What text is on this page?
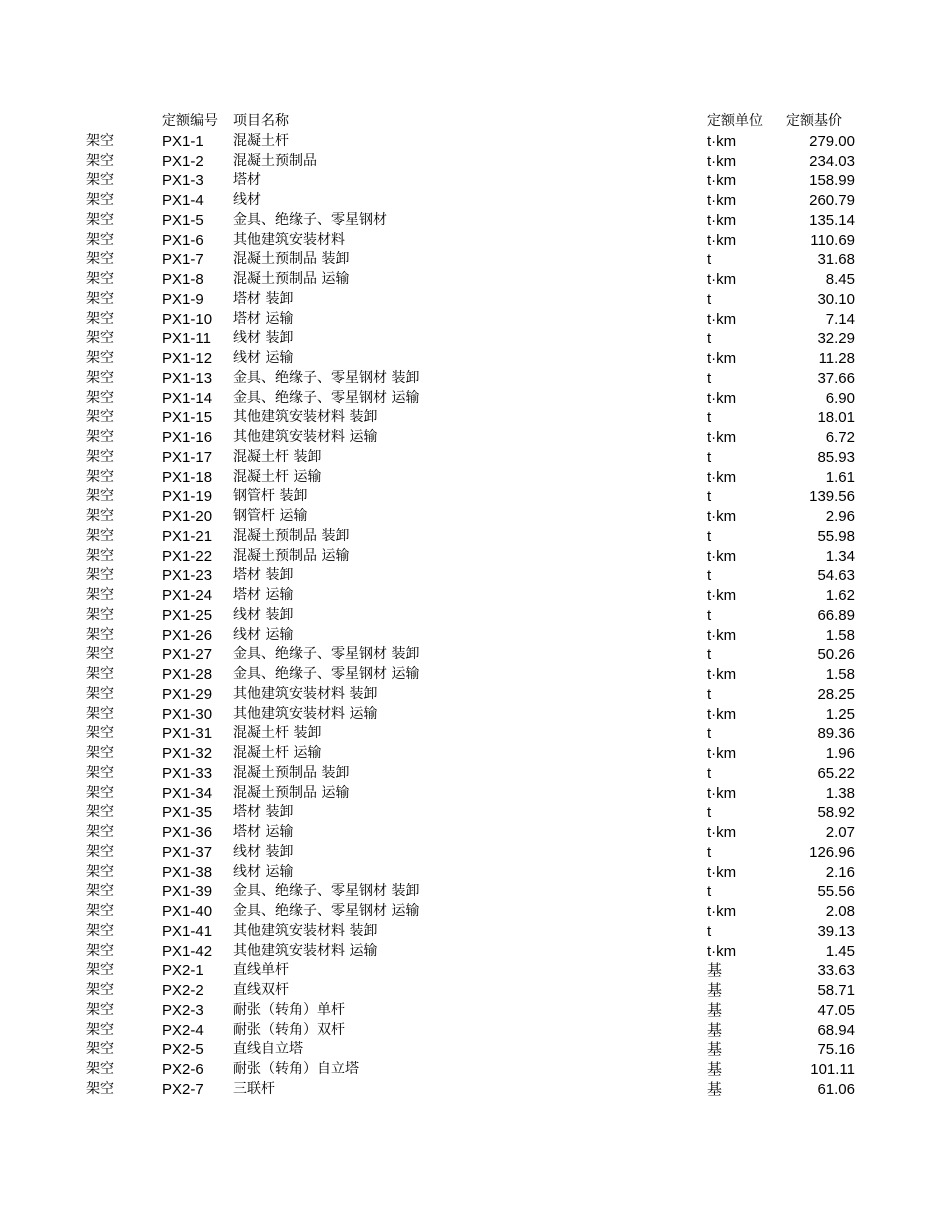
定额编号 项目名称	定额单位 定额基价
架空	PX1-1 混凝土杆	t·km	279.00
架空	PX1-2 混凝土预制品	t·km	234.03
架空	PX1-3 塔材	t·km	158.99
架空	PX1-4 线材	t·km	260.79
架空	PX1-5 金具、绝缘子、零星钢材	t·km	135.14
架空	PX1-6 其他建筑安装材料	t·km	110.69
架空	PX1-7 混凝土预制品 装卸	t	31.68
架空	PX1-8 混凝土预制品 运输	t·km	8.45
架空	PX1-9 塔材 装卸	t	30.10
架空	PX1-10 塔材 运输	t·km	7.14
架空	PX1-11 线材 装卸	t	32.29
架空	PX1-12 线材 运输	t·km	11.28
架空	PX1-13 金具、绝缘子、零星钢材 装卸	t	37.66
架空	PX1-14 金具、绝缘子、零星钢材 运输	t·km	6.90
架空	PX1-15 其他建筑安装材料 装卸	t	18.01
架空	PX1-16 其他建筑安装材料 运输	t·km	6.72
架空	PX1-17 混凝土杆 装卸	t	85.93
架空	PX1-18 混凝土杆 运输	t·km	1.61
架空	PX1-19 钢管杆 装卸	t	139.56
架空	PX1-20 钢管杆 运输	t·km	2.96
架空	PX1-21 混凝土预制品 装卸	t	55.98
架空	PX1-22 混凝土预制品 运输	t·km	1.34
架空	PX1-23 塔材 装卸	t	54.63
架空	PX1-24 塔材 运输	t·km	1.62
架空	PX1-25 线材 装卸	t	66.89
架空	PX1-26 线材 运输	t·km	1.58
架空	PX1-27 金具、绝缘子、零星钢材 装卸	t	50.26
架空	PX1-28 金具、绝缘子、零星钢材 运输	t·km	1.58
架空	PX1-29 其他建筑安装材料 装卸	t	28.25
架空	PX1-30 其他建筑安装材料 运输	t·km	1.25
架空	PX1-31 混凝土杆 装卸	t	89.36
架空	PX1-32 混凝土杆 运输	t·km	1.96
架空	PX1-33 混凝土预制品 装卸	t	65.22
架空	PX1-34 混凝土预制品 运输	t·km	1.38
架空	PX1-35 塔材 装卸	t	58.92
架空	PX1-36 塔材 运输	t·km	2.07
架空	PX1-37 线材 装卸	t	126.96
架空	PX1-38 线材 运输	t·km	2.16
架空	PX1-39 金具、绝缘子、零星钢材 装卸	t	55.56
架空	PX1-40 金具、绝缘子、零星钢材 运输	t·km	2.08
架空	PX1-41 其他建筑安装材料 装卸	t	39.13
架空	PX1-42 其他建筑安装材料 运输	t·km	1.45
架空	PX2-1 直线单杆	基	33.63
架空	PX2-2 直线双杆	基	58.71
架空	PX2-3 耐张（转角）单杆	基	47.05
架空	PX2-4 耐张（转角）双杆	基	68.94
架空	PX2-5 直线自立塔	基	75.16
架空	PX2-6 耐张（转角）自立塔	基	101.11
架空	PX2-7 三联杆	基	61.06
